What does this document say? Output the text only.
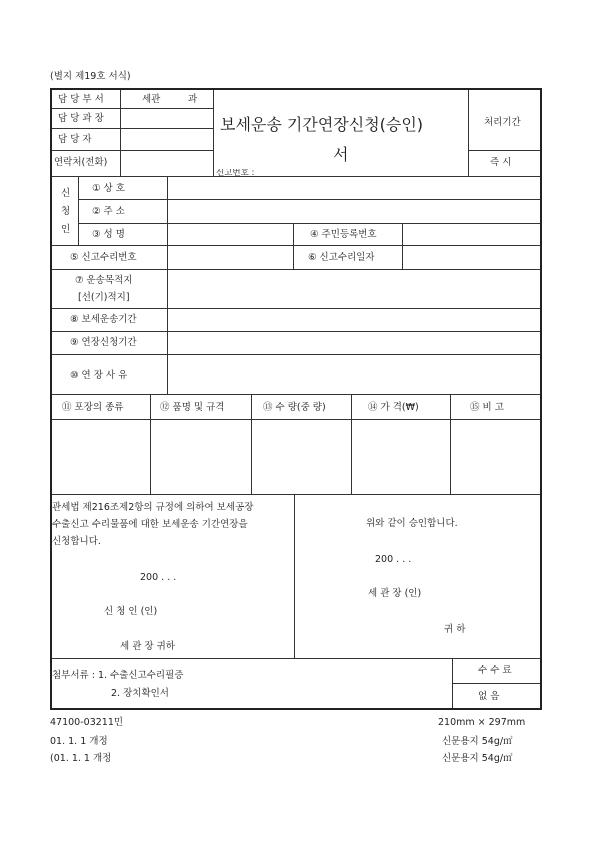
(별지 제19호 서식)
담 당 부 서	세관	과
담 당 과 장
담 당 자
연락처(전화)
보세운송 기간연장신청(승인)
서
신고번호 :
처리기간
즉 시
신
청
인
① 상 호
② 주 소
③ 성 명	④ 주민등록번호
⑤ 신고수리번호	⑥ 신고수리일자
⑦ 운송목적지
[선(기)적지]
⑧ 보세운송기간
⑨ 연장신청기간
⑩ 연 장 사 유
⑪ 포장의 종류	⑫ 품명 및 규격	⑬ 수 량(중 량)	⑭ 가 격(₩)	⑮ 비 고
관세법 제216조제2항의 규정에 의하여 보세공장
수출신고 수리물품에 대한 보세운송 기간연장을
신청합니다.
200 . . .
신 청 인 (인)
세 관 장 귀하
위와 같이 승인합니다.
200 . . .
세 관 장 (인)
귀 하
첨부서류 : 1. 수출신고수리필증
2. 장치확인서
수 수 료
없 음
47100-03211민
01. 1. 1 개정
(01. 1. 1 개정
210mm × 297mm
신문용지 54g/㎡
신문용지 54g/㎡
